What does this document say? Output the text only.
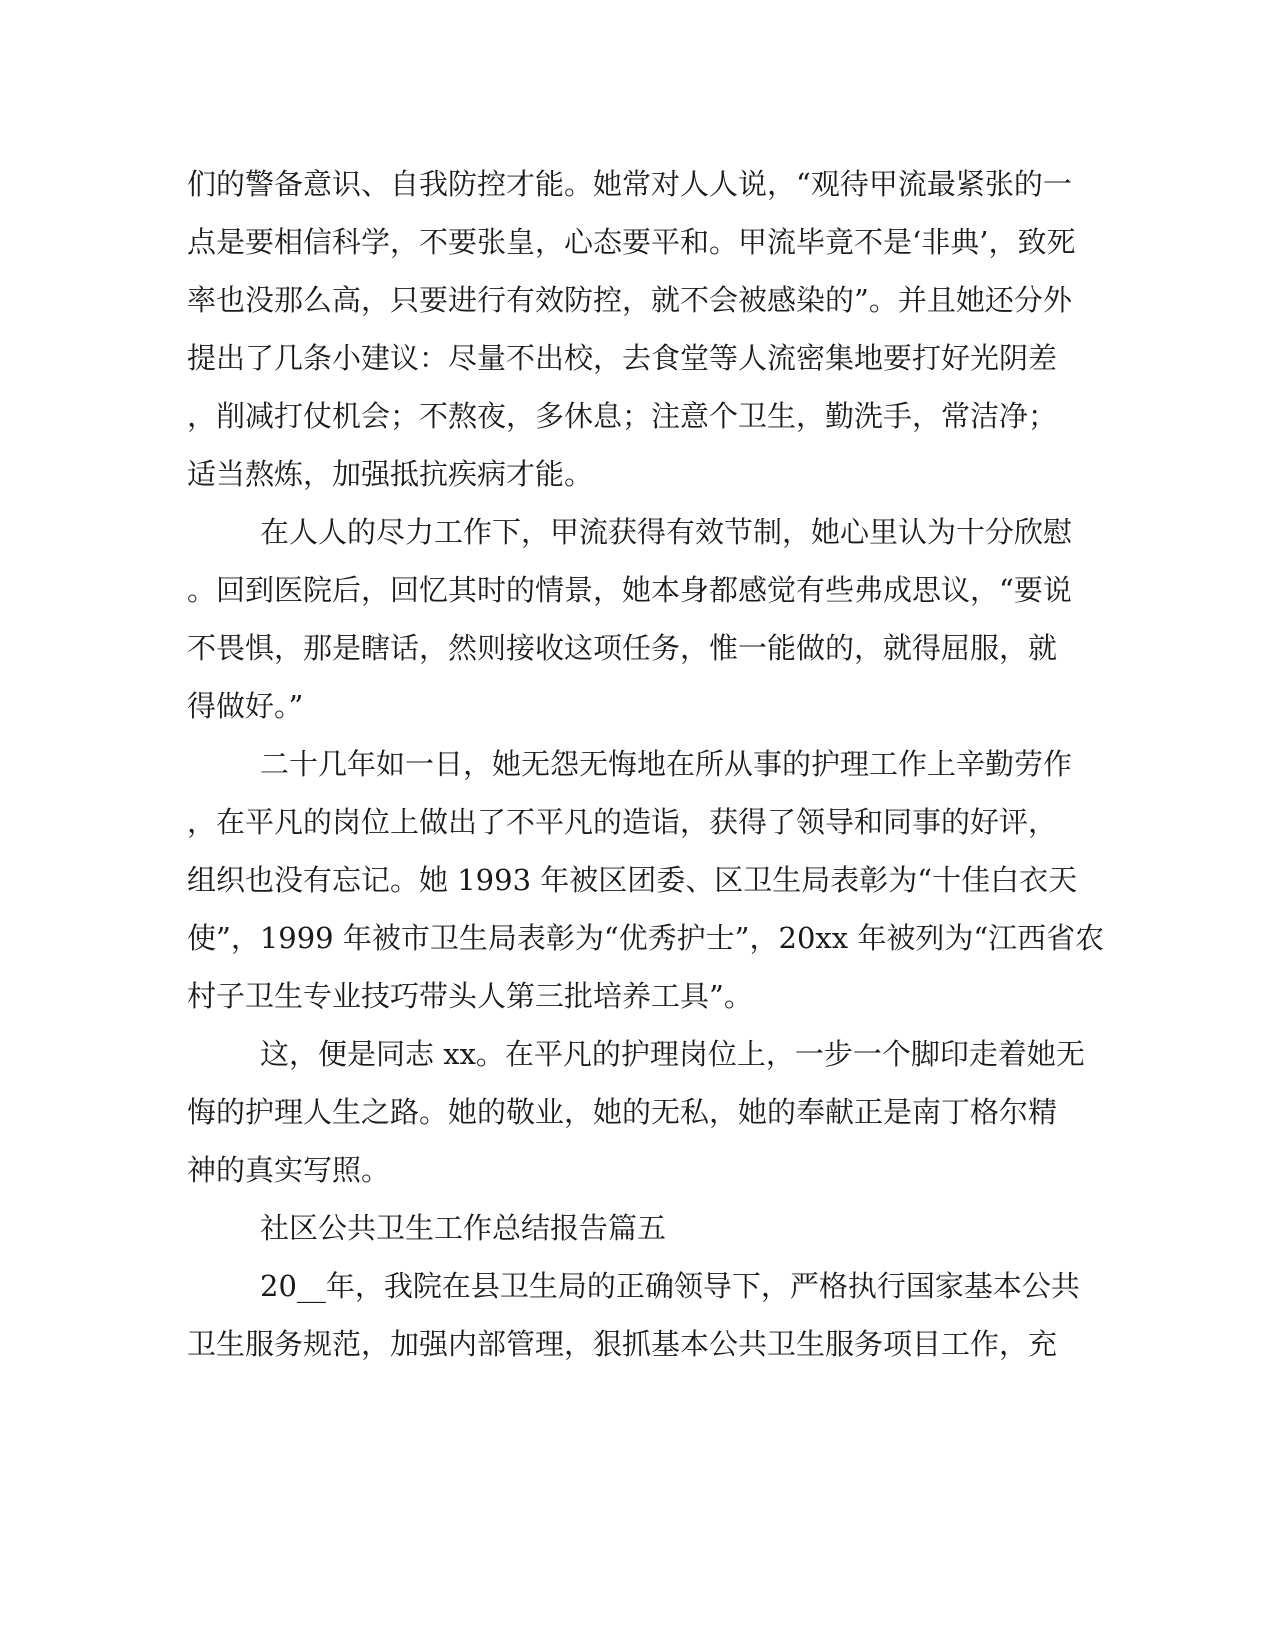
们的警备意识、自我防控才能。她常对人人说，“观待甲流最紧张的一
点是要相信科学，不要张皇，心态要平和。甲流毕竟不是‘非典’，致死
率也没那么高，只要进行有效防控，就不会被感染的”。并且她还分外
提出了几条小建议：尽量不出校，去食堂等人流密集地要打好光阴差
，削减打仗机会；不熬夜，多休息；注意个卫生，勤洗手，常洁净；
适当熬炼，加强抵抗疾病才能。
在人人的尽力工作下，甲流获得有效节制，她心里认为十分欣慰
。回到医院后，回忆其时的情景，她本身都感觉有些弗成思议，“要说
不畏惧，那是瞎话，然则接收这项任务，惟一能做的，就得屈服，就
得做好。”
二十几年如一日，她无怨无悔地在所从事的护理工作上辛勤劳作
，在平凡的岗位上做出了不平凡的造诣，获得了领导和同事的好评，
组织也没有忘记。她 1993 年被区团委、区卫生局表彰为“十佳白衣天
使”，1999 年被市卫生局表彰为“优秀护士”，20xx 年被列为“江西省农
村子卫生专业技巧带头人第三批培养工具”。
这，便是同志 xx。在平凡的护理岗位上，一步一个脚印走着她无
悔的护理人生之路。她的敬业，她的无私，她的奉献正是南丁格尔精
神的真实写照。
社区公共卫生工作总结报告篇五
20__年，我院在县卫生局的正确领导下，严格执行国家基本公共
卫生服务规范，加强内部管理，狠抓基本公共卫生服务项目工作，充
